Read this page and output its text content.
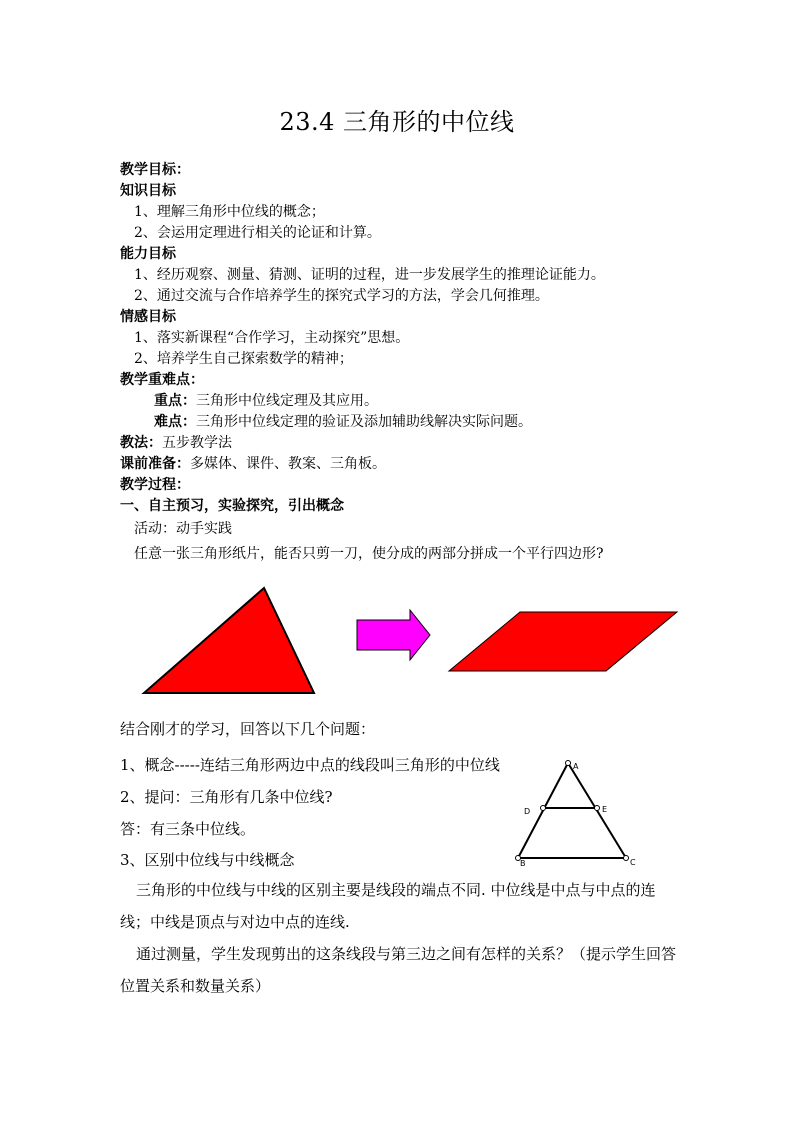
23.4 三角形的中位线
教学目标：
知识目标
1、理解三角形中位线的概念；
2、会运用定理进行相关的论证和计算。
能力目标
1、经历观察、测量、猜测、证明的过程，进一步发展学生的推理论证能力。
2、通过交流与合作培养学生的探究式学习的方法，学会几何推理。
情感目标
1、落实新课程“合作学习，主动探究”思想。
2、培养学生自己探索数学的精神；
教学重难点：
重点：三角形中位线定理及其应用。
难点：三角形中位线定理的验证及添加辅助线解决实际问题。
教法：五步教学法
课前准备：多媒体、课件、教案、三角板。
教学过程：
一、自主预习，实验探究，引出概念
活动：动手实践
任意一张三角形纸片，能否只剪一刀，使分成的两部分拼成一个平行四边形?
结合刚才的学习，回答以下几个问题：
1、概念-----连结三角形两边中点的线段叫三角形的中位线
2、提问：三角形有几条中位线?
答：有三条中位线。
3、区别中位线与中线概念
三角形的中位线与中线的区别主要是线段的端点不同. 中位线是中点与中点的连线；中线是顶点与对边中点的连线.
通过测量，学生发现剪出的这条线段与第三边之间有怎样的关系？（提示学生回答位置关系和数量关系）
A
B	C
D	E
